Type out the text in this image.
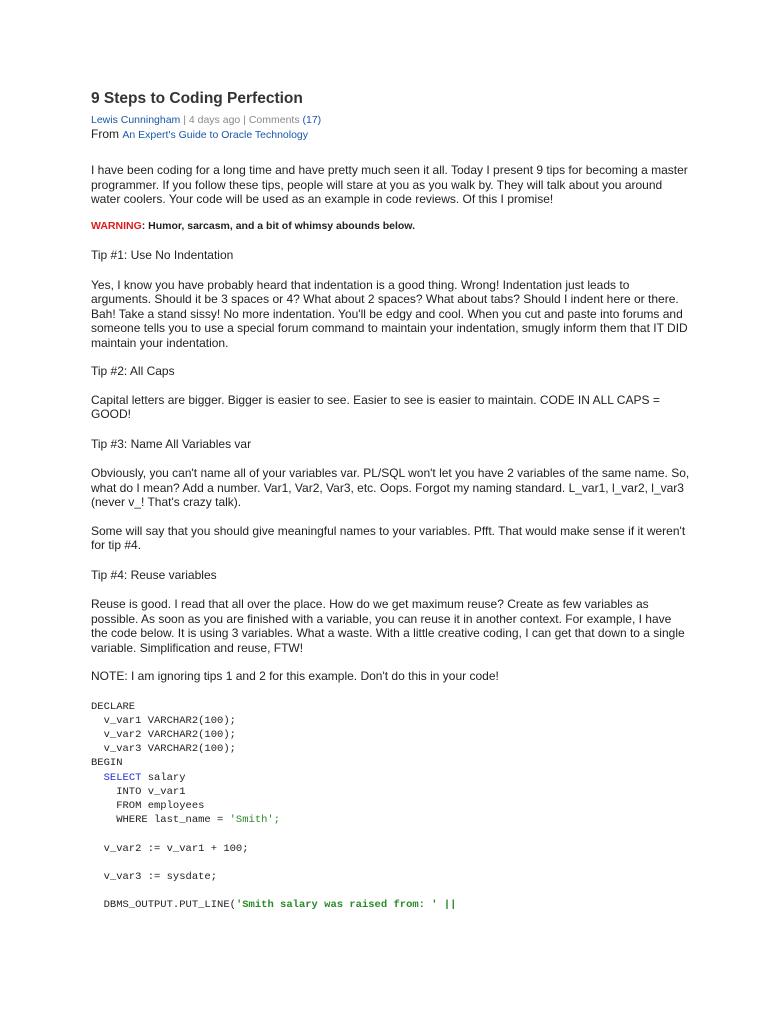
9 Steps to Coding Perfection
Lewis Cunningham | 4 days ago | Comments (17)
From An Expert's Guide to Oracle Technology

I have been coding for a long time and have pretty much seen it all. Today I present 9 tips for becoming a master programmer. If you follow these tips, people will stare at you as you walk by. They will talk about you around water coolers. Your code will be used as an example in code reviews. Of this I promise!

WARNING: Humor, sarcasm, and a bit of whimsy abounds below.

Tip #1: Use No Indentation

Yes, I know you have probably heard that indentation is a good thing. Wrong! Indentation just leads to arguments. Should it be 3 spaces or 4? What about 2 spaces? What about tabs? Should I indent here or there. Bah! Take a stand sissy! No more indentation. You'll be edgy and cool. When you cut and paste into forums and someone tells you to use a special forum command to maintain your indentation, smugly inform them that IT DID maintain your indentation.

Tip #2: All Caps

Capital letters are bigger. Bigger is easier to see. Easier to see is easier to maintain. CODE IN ALL CAPS = GOOD!

Tip #3: Name All Variables var

Obviously, you can't name all of your variables var. PL/SQL won't let you have 2 variables of the same name. So, what do I mean? Add a number. Var1, Var2, Var3, etc. Oops. Forgot my naming standard. L_var1, l_var2, l_var3 (never v_! That's crazy talk).

Some will say that you should give meaningful names to your variables. Pfft. That would make sense if it weren't for tip #4.

Tip #4: Reuse variables

Reuse is good. I read that all over the place. How do we get maximum reuse? Create as few variables as possible. As soon as you are finished with a variable, you can reuse it in another context. For example, I have the code below. It is using 3 variables. What a waste. With a little creative coding, I can get that down to a single variable. Simplification and reuse, FTW!

NOTE: I am ignoring tips 1 and 2 for this example. Don't do this in your code!

DECLARE
v_var1 VARCHAR2(100);
v_var2 VARCHAR2(100);
v_var3 VARCHAR2(100);
BEGIN
SELECT salary
INTO v_var1
FROM employees
WHERE last_name = 'Smith';
v_var2 := v_var1 + 100;
v_var3 := sysdate;
DBMS_OUTPUT.PUT_LINE('Smith salary was raised from: ' ||
